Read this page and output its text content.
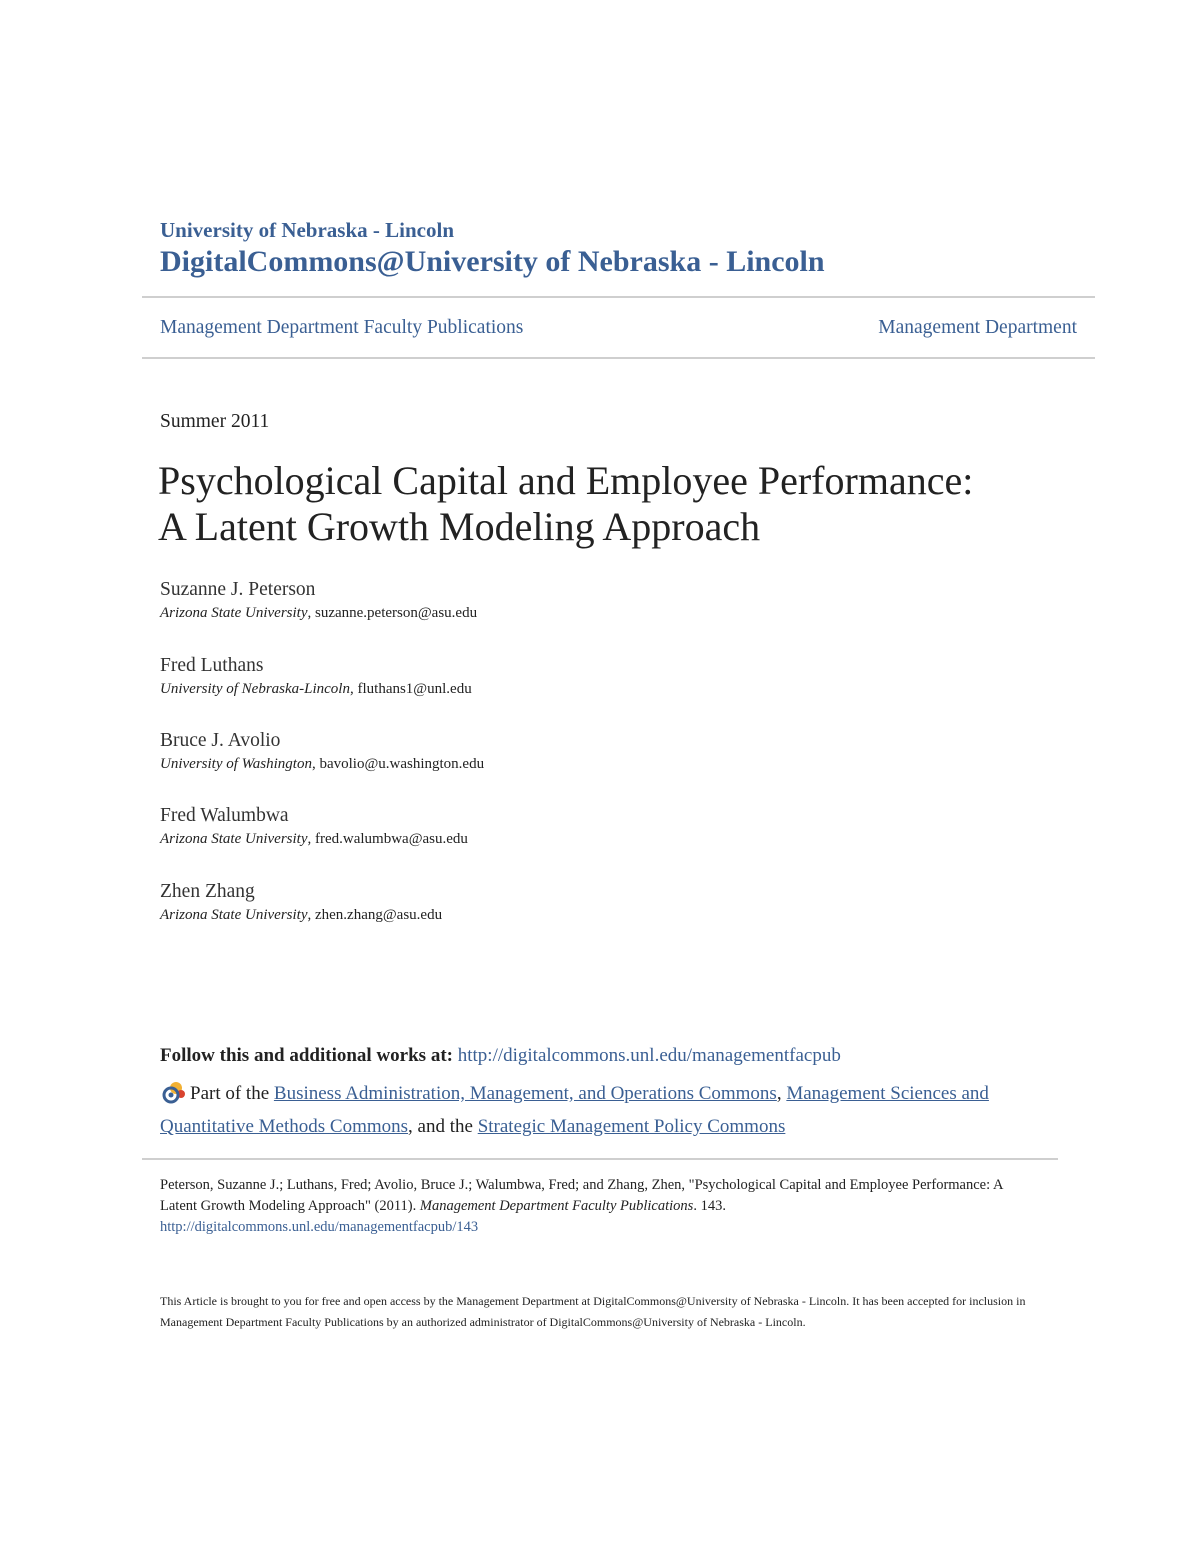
University of Nebraska - Lincoln
DigitalCommons@University of Nebraska - Lincoln
Management Department Faculty Publications	Management Department
Summer 2011
Psychological Capital and Employee Performance:
A Latent Growth Modeling Approach
Suzanne J. Peterson
Arizona State University, suzanne.peterson@asu.edu
Fred Luthans
University of Nebraska-Lincoln, fluthans1@unl.edu
Bruce J. Avolio
University of Washington, bavolio@u.washington.edu
Fred Walumbwa
Arizona State University, fred.walumbwa@asu.edu
Zhen Zhang
Arizona State University, zhen.zhang@asu.edu
Follow this and additional works at: http://digitalcommons.unl.edu/managementfacpub
Part of the Business Administration, Management, and Operations Commons, Management Sciences and Quantitative Methods Commons, and the Strategic Management Policy Commons
Peterson, Suzanne J.; Luthans, Fred; Avolio, Bruce J.; Walumbwa, Fred; and Zhang, Zhen, "Psychological Capital and Employee Performance: A Latent Growth Modeling Approach" (2011). Management Department Faculty Publications. 143.
http://digitalcommons.unl.edu/managementfacpub/143
This Article is brought to you for free and open access by the Management Department at DigitalCommons@University of Nebraska - Lincoln. It has been accepted for inclusion in Management Department Faculty Publications by an authorized administrator of DigitalCommons@University of Nebraska - Lincoln.
